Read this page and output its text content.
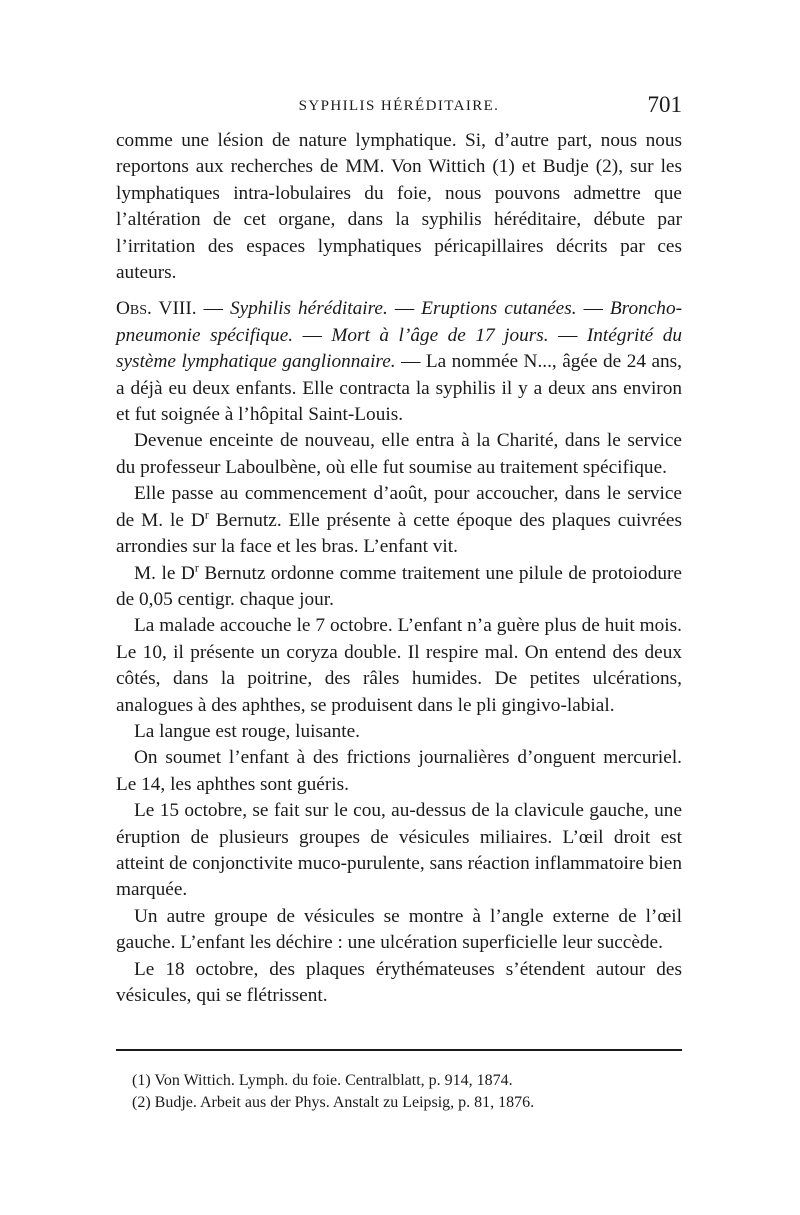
SYPHILIS HÉRÉDITAIRE.	701

comme une lésion de nature lymphatique. Si, d’autre part, nous nous reportons aux recherches de MM. Von Wittich (1) et Budje (2), sur les lymphatiques intra-lobulaires du foie, nous pouvons admettre que l’altération de cet organe, dans la syphilis héréditaire, débute par l’irritation des espaces lymphatiques péricapillaires décrits par ces auteurs.

Obs. VIII. — Syphilis héréditaire. — Eruptions cutanées. — Broncho-pneumonie spécifique. — Mort à l’âge de 17 jours. — Intégrité du système lymphatique ganglionnaire. — La nommée N..., âgée de 24 ans, a déjà eu deux enfants. Elle contracta la syphilis il y a deux ans environ et fut soignée à l’hôpital Saint-Louis.

Devenue enceinte de nouveau, elle entra à la Charité, dans le service du professeur Laboulbène, où elle fut soumise au traitement spécifique.

Elle passe au commencement d’août, pour accoucher, dans le service de M. le $D^r$ Bernutz. Elle présente à cette époque des plaques cuivrées arrondies sur la face et les bras. L’enfant vit.

M. le $D^r$ Bernutz ordonne comme traitement une pilule de protoiodure de 0,05 centigr. chaque jour.

La malade accouche le 7 octobre. L’enfant n’a guère plus de huit mois. Le 10, il présente un coryza double. Il respire mal. On entend des deux côtés, dans la poitrine, des râles humides. De petites ulcérations, analogues à des aphthes, se produisent dans le pli gingivo-labial.

La langue est rouge, luisante.

On soumet l’enfant à des frictions journalières d’onguent mercuriel. Le 14, les aphthes sont guéris.

Le 15 octobre, se fait sur le cou, au-dessus de la clavicule gauche, une éruption de plusieurs groupes de vésicules miliaires. L’œil droit est atteint de conjonctivite muco-purulente, sans réaction inflammatoire bien marquée.

Un autre groupe de vésicules se montre à l’angle externe de l’œil gauche. L’enfant les déchire : une ulcération superficielle leur succède.

Le 18 octobre, des plaques érythémateuses s’étendent autour des vésicules, qui se flétrissent.

(1) Von Wittich. Lymph. du foie. Centralblatt, p. 914, 1874.

(2) Budje. Arbeit aus der Phys. Anstalt zu Leipsig, p. 81, 1876.
